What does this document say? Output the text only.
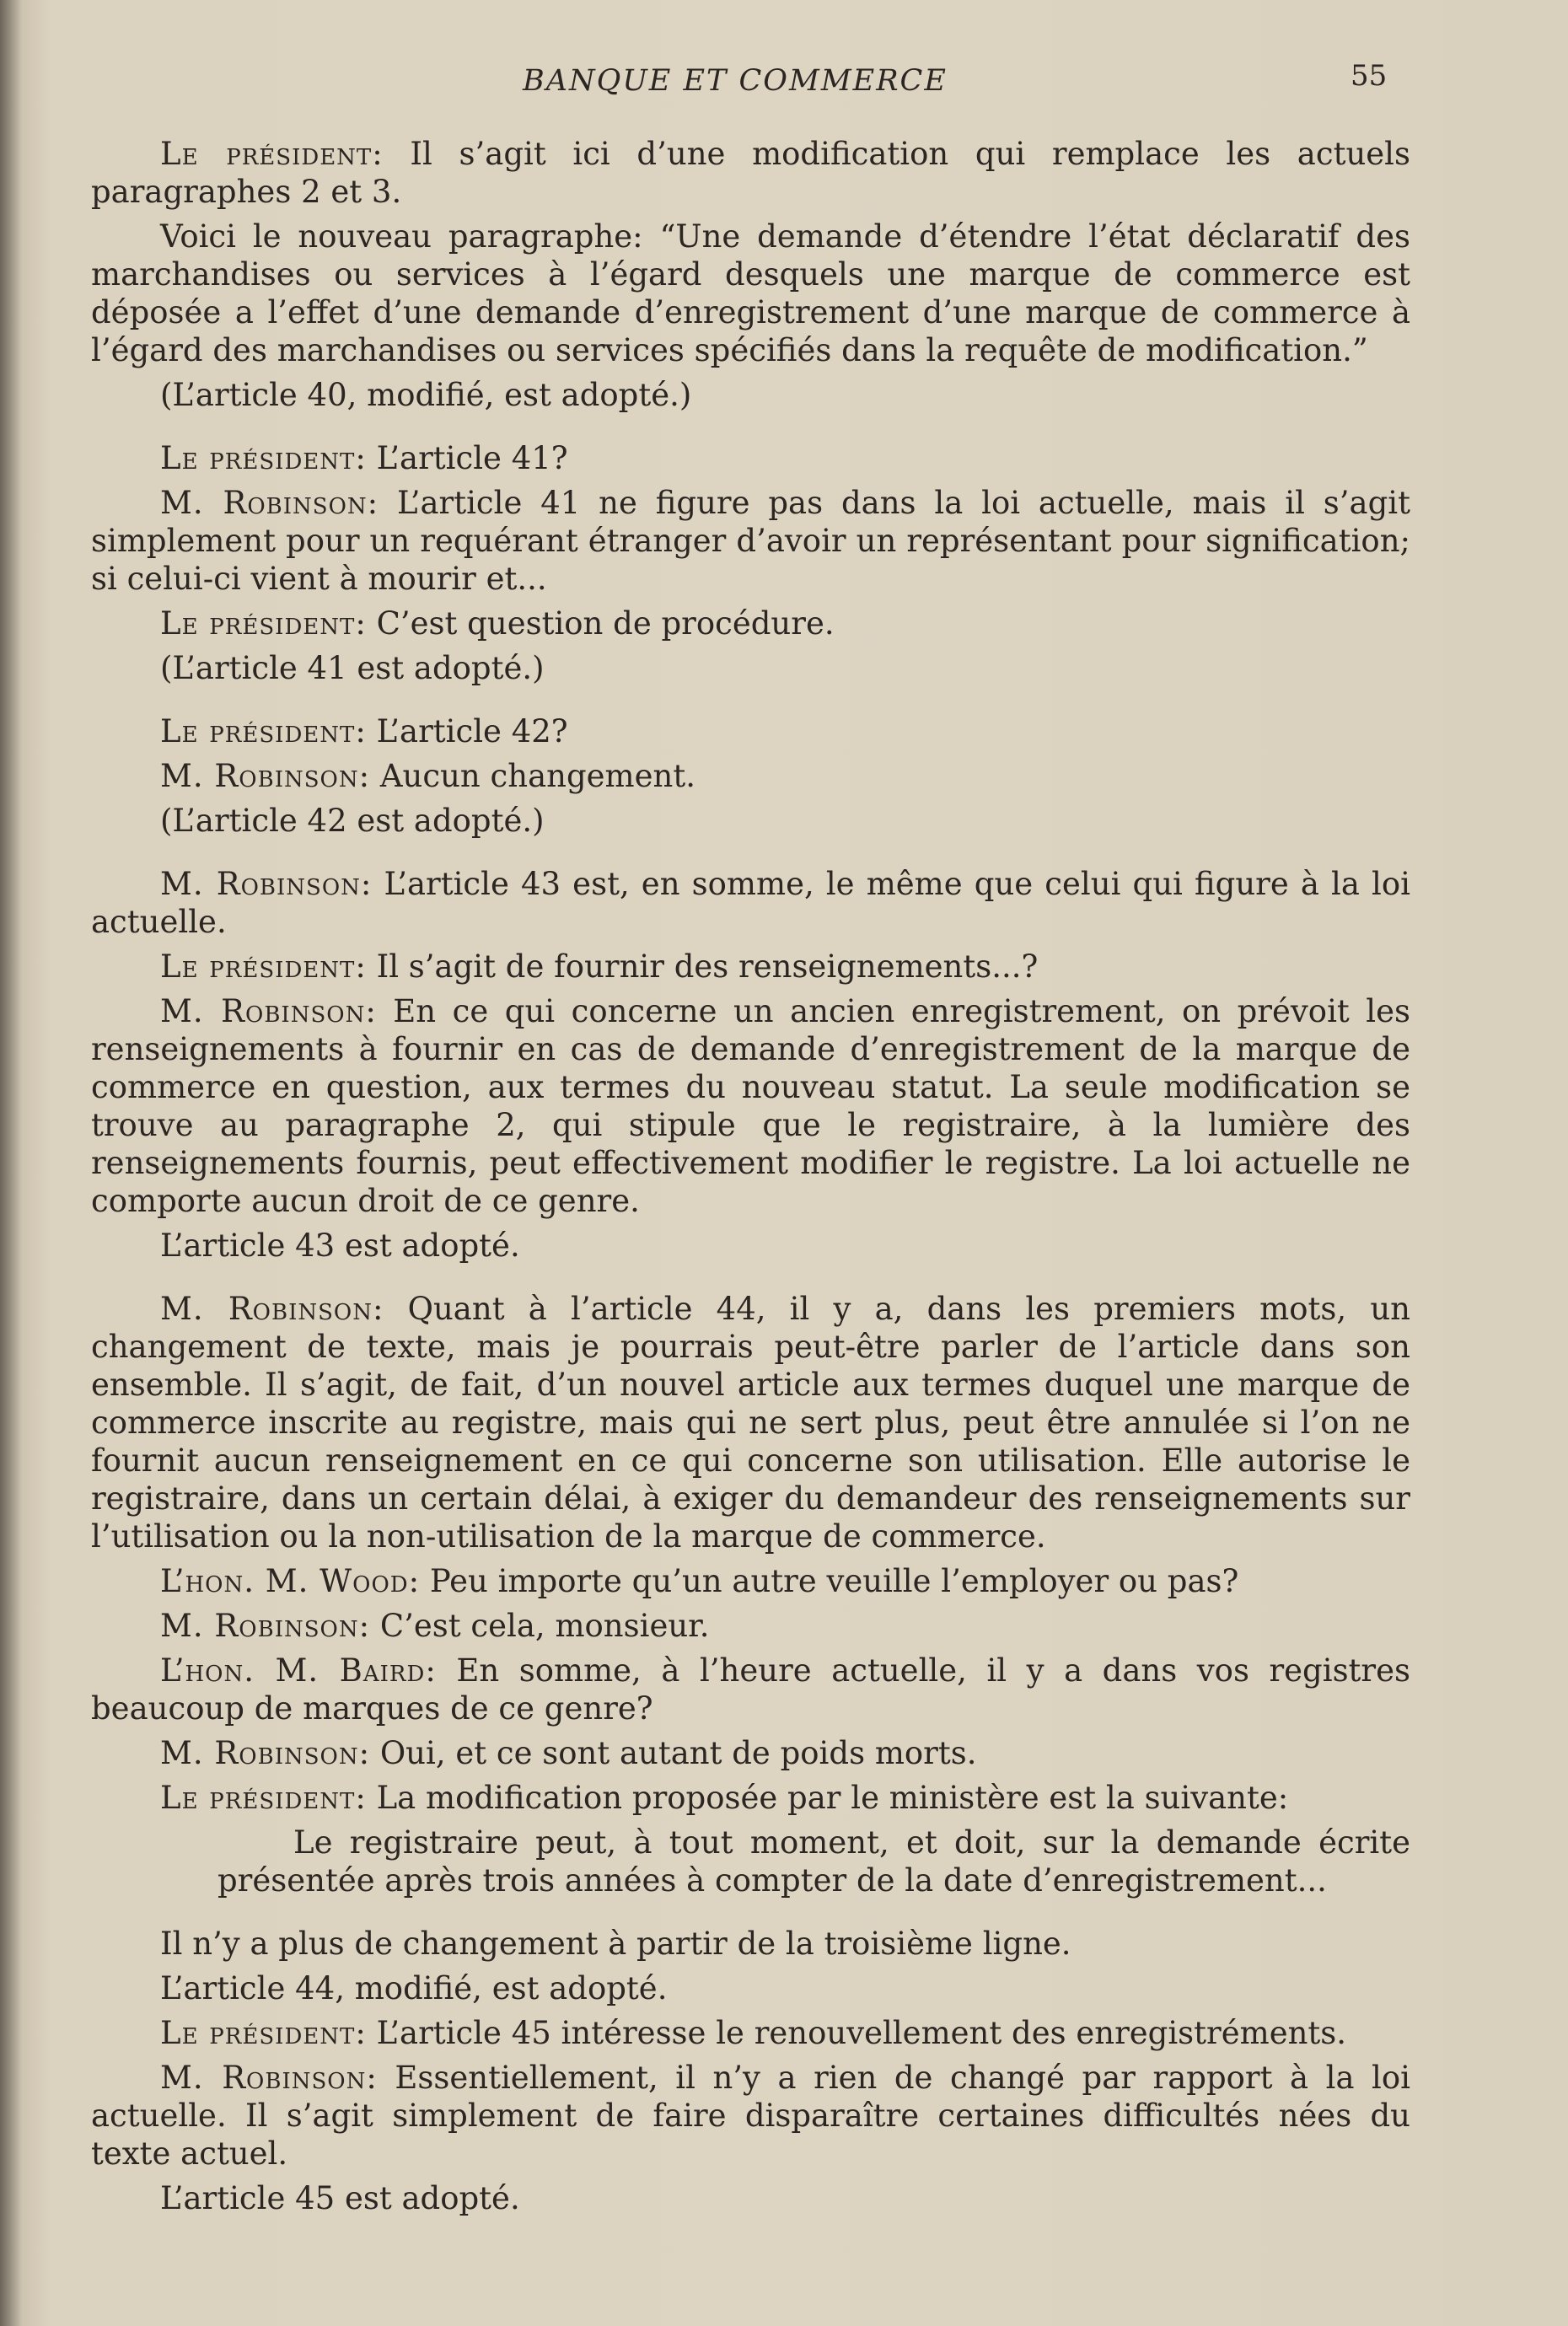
BANQUE ET COMMERCE	55

Le président: Il s’agit ici d’une modification qui remplace les actuels paragraphes 2 et 3.

Voici le nouveau paragraphe: “Une demande d’étendre l’état déclaratif des marchandises ou services à l’égard desquels une marque de commerce est déposée a l’effet d’une demande d’enregistrement d’une marque de commerce à l’égard des marchandises ou services spécifiés dans la requête de modification.”

(L’article 40, modifié, est adopté.)

Le président: L’article 41?

M. Robinson: L’article 41 ne figure pas dans la loi actuelle, mais il s’agit simplement pour un requérant étranger d’avoir un représentant pour signification; si celui-ci vient à mourir et...

Le président: C’est question de procédure.

(L’article 41 est adopté.)

Le président: L’article 42?

M. Robinson: Aucun changement.

(L’article 42 est adopté.)

M. Robinson: L’article 43 est, en somme, le même que celui qui figure à la loi actuelle.

Le président: Il s’agit de fournir des renseignements...?

M. Robinson: En ce qui concerne un ancien enregistrement, on prévoit les renseignements à fournir en cas de demande d’enregistrement de la marque de commerce en question, aux termes du nouveau statut. La seule modification se trouve au paragraphe 2, qui stipule que le registraire, à la lumière des renseignements fournis, peut effectivement modifier le registre. La loi actuelle ne comporte aucun droit de ce genre.

L’article 43 est adopté.

M. Robinson: Quant à l’article 44, il y a, dans les premiers mots, un changement de texte, mais je pourrais peut-être parler de l’article dans son ensemble. Il s’agit, de fait, d’un nouvel article aux termes duquel une marque de commerce inscrite au registre, mais qui ne sert plus, peut être annulée si l’on ne fournit aucun renseignement en ce qui concerne son utilisation. Elle autorise le registraire, dans un certain délai, à exiger du demandeur des renseignements sur l’utilisation ou la non-utilisation de la marque de commerce.

L’hon. M. Wood: Peu importe qu’un autre veuille l’employer ou pas?

M. Robinson: C’est cela, monsieur.

L’hon. M. Baird: En somme, à l’heure actuelle, il y a dans vos registres beaucoup de marques de ce genre?

M. Robinson: Oui, et ce sont autant de poids morts.

Le président: La modification proposée par le ministère est la suivante:

Le registraire peut, à tout moment, et doit, sur la demande écrite présentée après trois années à compter de la date d’enregistrement...

Il n’y a plus de changement à partir de la troisième ligne.

L’article 44, modifié, est adopté.

Le président: L’article 45 intéresse le renouvellement des enregistréments.

M. Robinson: Essentiellement, il n’y a rien de changé par rapport à la loi actuelle. Il s’agit simplement de faire disparaître certaines difficultés nées du texte actuel.

L’article 45 est adopté.
